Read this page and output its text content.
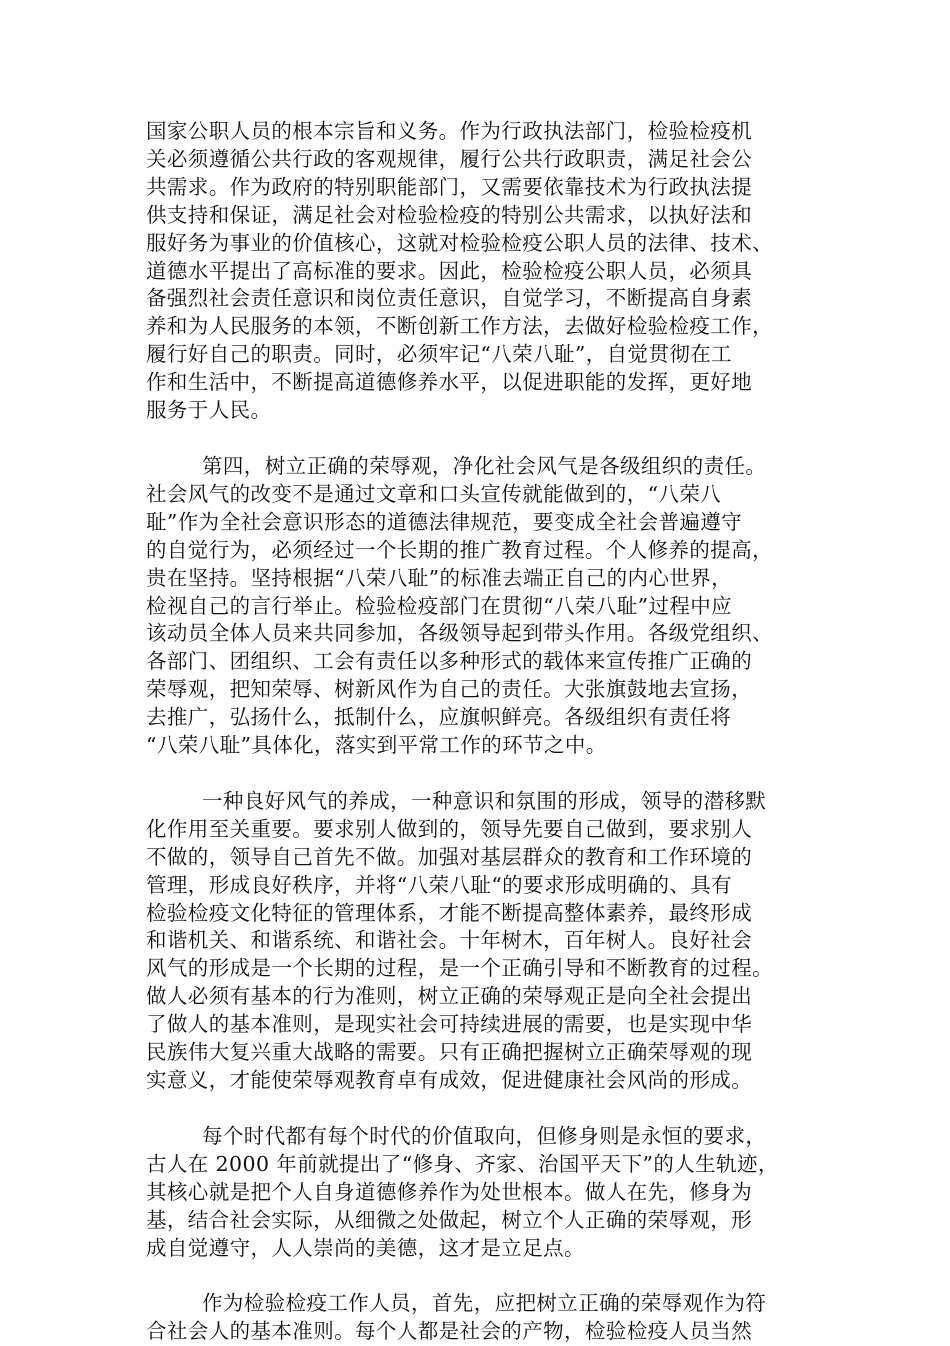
国家公职人员的根本宗旨和义务。作为行政执法部门，检验检疫机
关必须遵循公共行政的客观规律，履行公共行政职责，满足社会公
共需求。作为政府的特别职能部门，又需要依靠技术为行政执法提
供支持和保证，满足社会对检验检疫的特别公共需求，以执好法和
服好务为事业的价值核心，这就对检验检疫公职人员的法律、技术、
道德水平提出了高标准的要求。因此，检验检疫公职人员，必须具
备强烈社会责任意识和岗位责任意识，自觉学习，不断提高自身素
养和为人民服务的本领，不断创新工作方法，去做好检验检疫工作，
履行好自己的职责。同时，必须牢记“八荣八耻”，自觉贯彻在工
作和生活中，不断提高道德修养水平，以促进职能的发挥，更好地
服务于人民。
第四，树立正确的荣辱观，净化社会风气是各级组织的责任。
社会风气的改变不是通过文章和口头宣传就能做到的，“八荣八
耻”作为全社会意识形态的道德法律规范，要变成全社会普遍遵守
的自觉行为，必须经过一个长期的推广教育过程。个人修养的提高，
贵在坚持。坚持根据“八荣八耻”的标准去端正自己的内心世界，
检视自己的言行举止。检验检疫部门在贯彻“八荣八耻”过程中应
该动员全体人员来共同参加，各级领导起到带头作用。各级党组织、
各部门、团组织、工会有责任以多种形式的载体来宣传推广正确的
荣辱观，把知荣辱、树新风作为自己的责任。大张旗鼓地去宣扬，
去推广，弘扬什么，抵制什么，应旗帜鲜亮。各级组织有责任将
“八荣八耻”具体化，落实到平常工作的环节之中。
一种良好风气的养成，一种意识和氛围的形成，领导的潜移默
化作用至关重要。要求别人做到的，领导先要自己做到，要求别人
不做的，领导自己首先不做。加强对基层群众的教育和工作环境的
管理，形成良好秩序，并将“八荣八耻“的要求形成明确的、具有
检验检疫文化特征的管理体系，才能不断提高整体素养，最终形成
和谐机关、和谐系统、和谐社会。十年树木，百年树人。良好社会
风气的形成是一个长期的过程，是一个正确引导和不断教育的过程。
做人必须有基本的行为准则，树立正确的荣辱观正是向全社会提出
了做人的基本准则，是现实社会可持续进展的需要，也是实现中华
民族伟大复兴重大战略的需要。只有正确把握树立正确荣辱观的现
实意义，才能使荣辱观教育卓有成效，促进健康社会风尚的形成。
每个时代都有每个时代的价值取向，但修身则是永恒的要求，
古人在 2000 年前就提出了“修身、齐家、治国平天下”的人生轨迹，
其核心就是把个人自身道德修养作为处世根本。做人在先，修身为
基，结合社会实际，从细微之处做起，树立个人正确的荣辱观，形
成自觉遵守，人人崇尚的美德，这才是立足点。
作为检验检疫工作人员，首先，应把树立正确的荣辱观作为符
合社会人的基本准则。每个人都是社会的产物，检验检疫人员当然
